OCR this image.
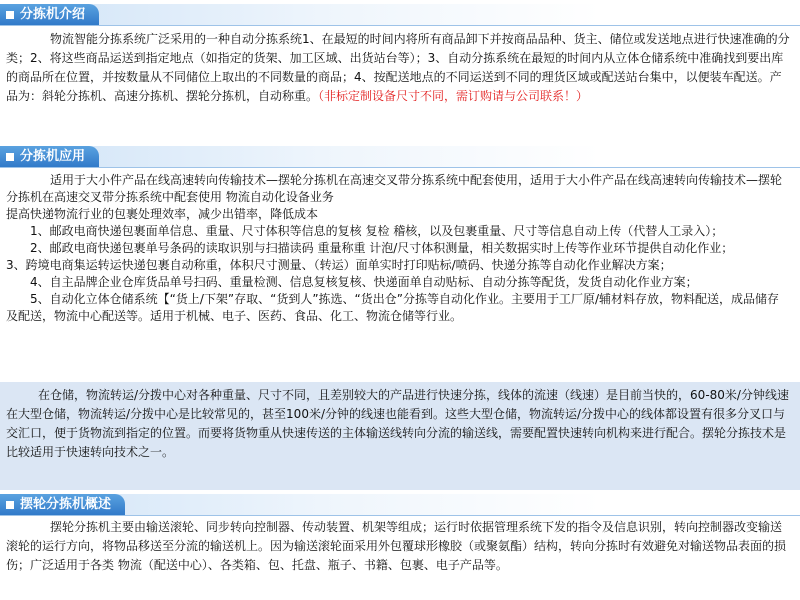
分拣机介绍

物流智能分拣系统广泛采用的一种自动分拣系统1、在最短的时间内将所有商品卸下并按商品品种、货主、储位或发送地点进行快速准确的分类；2、将这些商品运送到指定地点（如指定的货架、加工区域、出货站台等）；3、自动分拣系统在最短的时间内从立体仓储系统中准确找到要出库的商品所在位置，并按数量从不同储位上取出的不同数量的商品；4、按配送地点的不同运送到不同的理货区域或配送站台集中，以便装车配送。产品为：斜轮分拣机、高速分拣机、摆轮分拣机，自动称重。（非标定制设备尺寸不同，需订购请与公司联系！）

分拣机应用
适用于大小件产品在线高速转向传输技术—摆轮分拣机在高速交叉带分拣系统中配套使用，适用于大小件产品在线高速转向传输技术—摆轮分拣机在高速交叉带分拣系统中配套使用 物流自动化设备业务
提高快递物流行业的包裹处理效率，减少出错率，降低成本
1、邮政电商快递包裹面单信息、重量、尺寸体积等信息的复核 复检 稽核，以及包裹重量、尺寸等信息自动上传（代替人工录入）；
2、邮政电商快递包裹单号条码的读取识别与扫描读码 重量称重 计泡/尺寸体积测量，相关数据实时上传等作业环节提供自动化作业；
3、跨境电商集运转运快递包裹自动称重，体积尺寸测量、（转运）面单实时打印贴标/喷码、快递分拣等自动化作业解决方案；
4、自主品牌企业仓库货品单号扫码、重量检测、信息复核复核、快递面单自动贴标、自动分拣等配货，发货自动化作业方案；
5、自动化立体仓储系统【“货上/下架”存取、“货到人”拣选、“货出仓”分拣等自动化作业。主要用于工厂原/辅材料存放，物料配送，成品储存及配送，物流中心配送等。适用于机械、电子、医药、食品、化工、物流仓储等行业。

在仓储，物流转运/分拨中心对各种重量、尺寸不同，且差别较大的产品进行快速分拣，线体的流速（线速）是目前当快的，60-80米/分钟线速在大型仓储，物流转运/分拨中心是比较常见的，甚至100米/分钟的线速也能看到。这些大型仓储，物流转运/分拨中心的线体都设置有很多分叉口与交汇口，便于货物流到指定的位置。而要将货物重从快速传送的主体输送线转向分流的输送线，需要配置快速转向机构来进行配合。摆轮分拣技术是比较适用于快速转向技术之一。

摆轮分拣机概述

摆轮分拣机主要由输送滚轮、同步转向控制器、传动装置、机架等组成；运行时依据管理系统下发的指令及信息识别，转向控制器改变输送滚轮的运行方向，将物品移送至分流的输送机上。因为输送滚轮面采用外包覆球形橡胶（或聚氨酯）结构，转向分拣时有效避免对输送物品表面的损伤；广泛适用于各类 物流（配送中心）、各类箱、包、托盘、瓶子、书籍、包裹、电子产品等。
